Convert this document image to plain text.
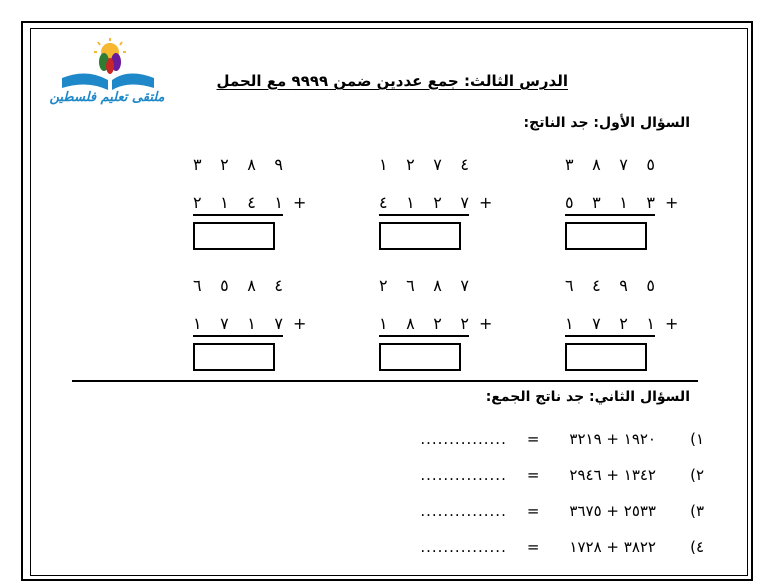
ملتقى تعليم فلسطين
الدرس الثالث: جمع عددين ضمن ٩٩٩٩ مع الحمل
السؤال الأول: جد الناتج:
٣ ٨ ٧ ٥
٥ ٣ ١ ٣ +
١ ٢ ٧ ٤
٤ ١ ٢ ٧ +
٣ ٢ ٨ ٩
٢ ١ ٤ ١ +
٦ ٤ ٩ ٥
١ ٧ ٢ ١ +
٢ ٦ ٨ ٧
١ ٨ ٢ ٢ +
٦ ٥ ٨ ٤
١ ٧ ١ ٧ +
السؤال الثاني: جد ناتج الجمع:
١)١٩٢٠ + ٣٢١٩=...............
٢)١٣٤٢ + ٢٩٤٦=...............
٣)٢٥٣٣ + ٣٦٧٥=...............
٤)٣٨٢٢ + ١٧٢٨=...............
